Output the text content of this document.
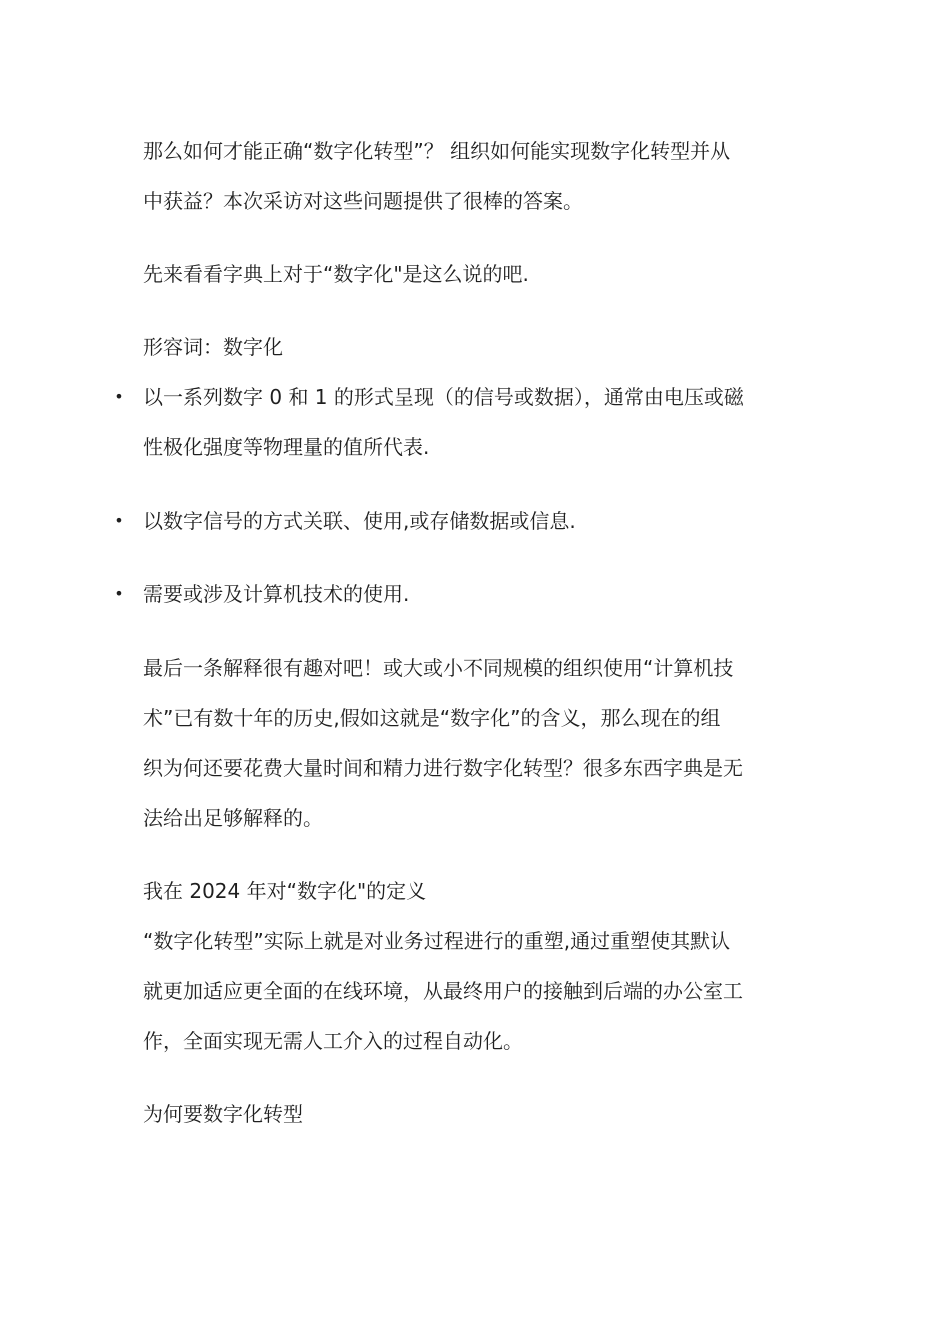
那么如何才能正确“数字化转型”？ 组织如何能实现数字化转型并从
中获益？本次采访对这些问题提供了很棒的答案。

先来看看字典上对于“数字化"是这么说的吧.

形容词：数字化

• 以一系列数字 0 和 1 的形式呈现（的信号或数据），通常由电压或磁
性极化强度等物理量的值所代表.
• 以数字信号的方式关联、使用,或存储数据或信息.
• 需要或涉及计算机技术的使用.

最后一条解释很有趣对吧！或大或小不同规模的组织使用“计算机技
术”已有数十年的历史,假如这就是“数字化”的含义，那么现在的组
织为何还要花费大量时间和精力进行数字化转型？很多东西字典是无
法给出足够解释的。

我在 2024 年对“数字化"的定义

“数字化转型”实际上就是对业务过程进行的重塑,通过重塑使其默认
就更加适应更全面的在线环境，从最终用户的接触到后端的办公室工
作，全面实现无需人工介入的过程自动化。

为何要数字化转型
